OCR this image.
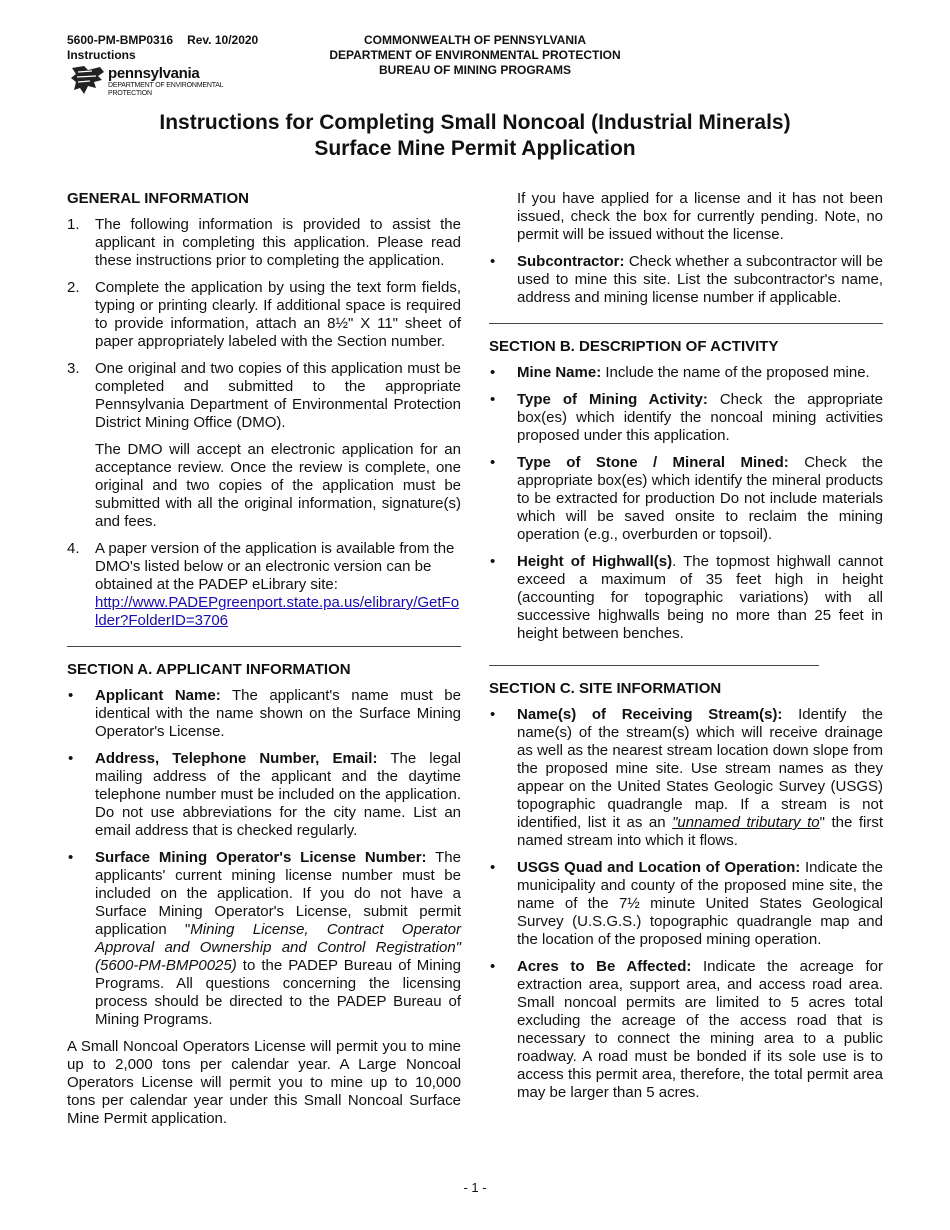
5600-PM-BMP0316 Rev. 10/2020
Instructions
COMMONWEALTH OF PENNSYLVANIA
DEPARTMENT OF ENVIRONMENTAL PROTECTION
BUREAU OF MINING PROGRAMS
pennsylvania
DEPARTMENT OF ENVIRONMENTAL
PROTECTION
Instructions for Completing Small Noncoal (Industrial Minerals)
Surface Mine Permit Application
GENERAL INFORMATION
1. The following information is provided to assist the applicant in completing this application. Please read these instructions prior to completing the application.

2. Complete the application by using the text form fields, typing or printing clearly. If additional space is required to provide information, attach an 8½" X 11" sheet of paper appropriately labeled with the Section number.

3. One original and two copies of this application must be completed and submitted to the appropriate Pennsylvania Department of Environmental Protection District Mining Office (DMO).

The DMO will accept an electronic application for an acceptance review. Once the review is complete, one original and two copies of the application must be submitted with all the original information, signature(s) and fees.

4. A paper version of the application is available from the DMO's listed below or an electronic version can be obtained at the PADEP eLibrary site:
http://www.PADEPgreenport.state.pa.us/elibrary/GetFolder?FolderID=3706

SECTION A. APPLICANT INFORMATION
• Applicant Name: The applicant's name must be identical with the name shown on the Surface Mining Operator's License.

• Address, Telephone Number, Email: The legal mailing address of the applicant and the daytime telephone number must be included on the application. Do not use abbreviations for the city name. List an email address that is checked regularly.

• Surface Mining Operator's License Number: The applicants' current mining license number must be included on the application. If you do not have a Surface Mining Operator's License, submit permit application "Mining License, Contract Operator Approval and Ownership and Control Registration" (5600-PM-BMP0025) to the PADEP Bureau of Mining Programs. All questions concerning the licensing process should be directed to the PADEP Bureau of Mining Programs.

A Small Noncoal Operators License will permit you to mine up to 2,000 tons per calendar year. A Large Noncoal Operators License will permit you to mine up to 10,000 tons per calendar year under this Small Noncoal Surface Mine Permit application.

If you have applied for a license and it has not been issued, check the box for currently pending. Note, no permit will be issued without the license.

• Subcontractor: Check whether a subcontractor will be used to mine this site. List the subcontractor's name, address and mining license number if applicable.

SECTION B. DESCRIPTION OF ACTIVITY
• Mine Name: Include the name of the proposed mine.

• Type of Mining Activity: Check the appropriate box(es) which identify the noncoal mining activities proposed under this application.

• Type of Stone / Mineral Mined: Check the appropriate box(es) which identify the mineral products to be extracted for production Do not include materials which will be saved onsite to reclaim the mining operation (e.g., overburden or topsoil).

• Height of Highwall(s). The topmost highwall cannot exceed a maximum of 35 feet high in height (accounting for topographic variations) with all successive highwalls being no more than 25 feet in height between benches.

SECTION C. SITE INFORMATION
• Name(s) of Receiving Stream(s): Identify the name(s) of the stream(s) which will receive drainage as well as the nearest stream location down slope from the proposed mine site. Use stream names as they appear on the United States Geologic Survey (USGS) topographic quadrangle map. If a stream is not identified, list it as an "unnamed tributary to" the first named stream into which it flows.

• USGS Quad and Location of Operation: Indicate the municipality and county of the proposed mine site, the name of the 7½ minute United States Geological Survey (U.S.G.S.) topographic quadrangle map and the location of the proposed mining operation.

• Acres to Be Affected: Indicate the acreage for extraction area, support area, and access road area. Small noncoal permits are limited to 5 acres total excluding the acreage of the access road that is necessary to connect the mining area to a public roadway. A road must be bonded if its sole use is to access this permit area, therefore, the total permit area may be larger than 5 acres.

- 1 -
